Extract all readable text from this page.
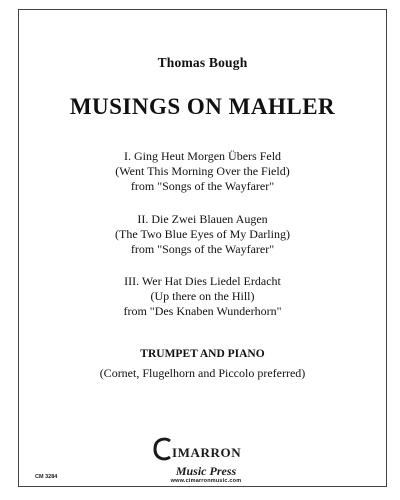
Thomas Bough
MUSINGS ON MAHLER
I. Ging Heut Morgen Übers Feld
(Went This Morning Over the Field)
from "Songs of the Wayfarer"
II. Die Zwei Blauen Augen
(The Two Blue Eyes of My Darling)
from "Songs of the Wayfarer"
III. Wer Hat Dies Liedel Erdacht
(Up there on the Hill)
from "Des Knaben Wunderhorn"
TRUMPET AND PIANO
(Cornet, Flugelhorn and Piccolo preferred)
IMARRON
Music Press
www.cimarronmusic.com
CM 3284
